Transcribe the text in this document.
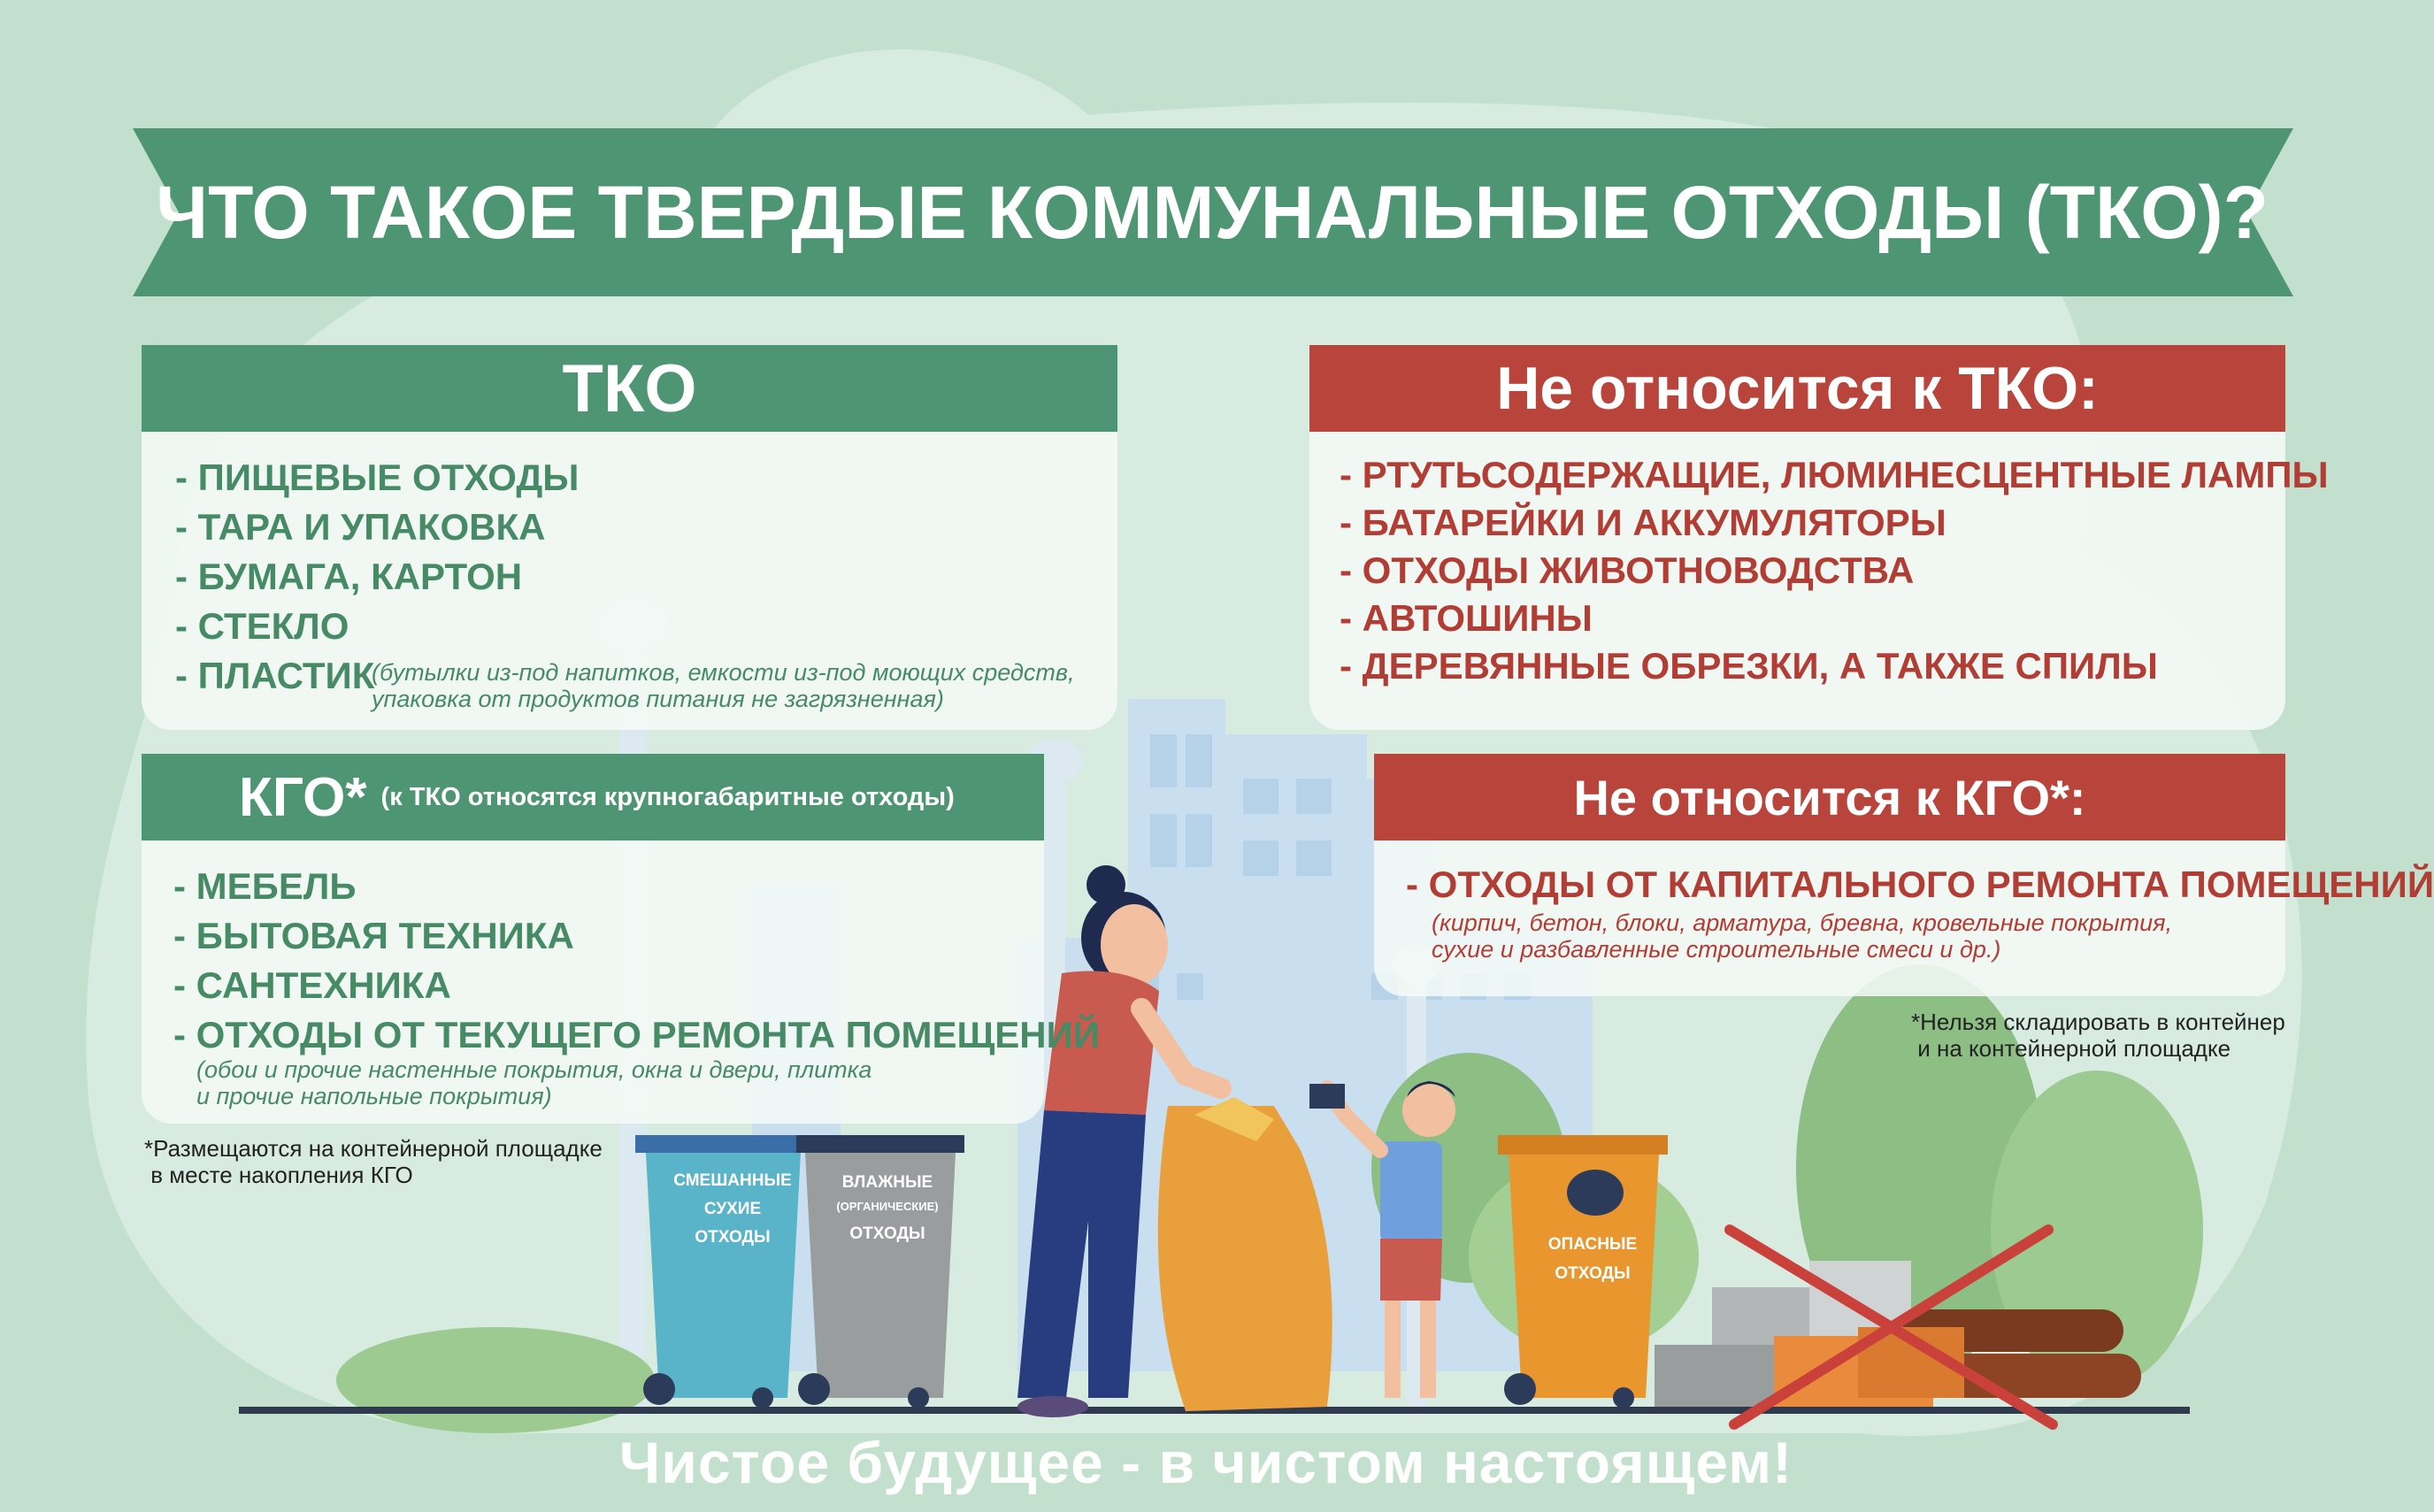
СМЕШАННЫЕ
СУХИЕ
ОТХОДЫ
ВЛАЖНЫЕ
(ОРГАНИЧЕСКИЕ)
ОТХОДЫ
ОПАСНЫЕ
ОТХОДЫ
ЧТО ТАКОЕ ТВЕРДЫЕ КОММУНАЛЬНЫЕ ОТХОДЫ (ТКО)?
ТКО
- ПИЩЕВЫЕ ОТХОДЫ
- ТАРА И УПАКОВКА
- БУМАГА, КАРТОН
- СТЕКЛО
- ПЛАСТИК
(бутылки из-под напитков, емкости из-под моющих средств,
упаковка от продуктов питания не загрязненная)
Не относится к ТКО:
- РТУТЬСОДЕРЖАЩИЕ, ЛЮМИНЕСЦЕНТНЫЕ ЛАМПЫ
- БАТАРЕЙКИ И АККУМУЛЯТОРЫ
- ОТХОДЫ ЖИВОТНОВОДСТВА
- АВТОШИНЫ
- ДЕРЕВЯННЫЕ ОБРЕЗКИ, А ТАКЖЕ СПИЛЫ
КГО* (к ТКО относятся крупногабаритные отходы)
- МЕБЕЛЬ
- БЫТОВАЯ ТЕХНИКА
- САНТЕХНИКА
- ОТХОДЫ ОТ ТЕКУЩЕГО РЕМОНТА ПОМЕЩЕНИЙ
(обои и прочие настенные покрытия, окна и двери, плитка
и прочие напольные покрытия)
*Размещаются на контейнерной площадке
в месте накопления КГО
Не относится к КГО*:
- ОТХОДЫ ОТ КАПИТАЛЬНОГО РЕМОНТА ПОМЕЩЕНИЙ
(кирпич, бетон, блоки, арматура, бревна, кровельные покрытия,
сухие и разбавленные строительные смеси и др.)
*Нельзя складировать в контейнер
и на контейнерной площадке
Чистое будущее - в чистом настоящем!
